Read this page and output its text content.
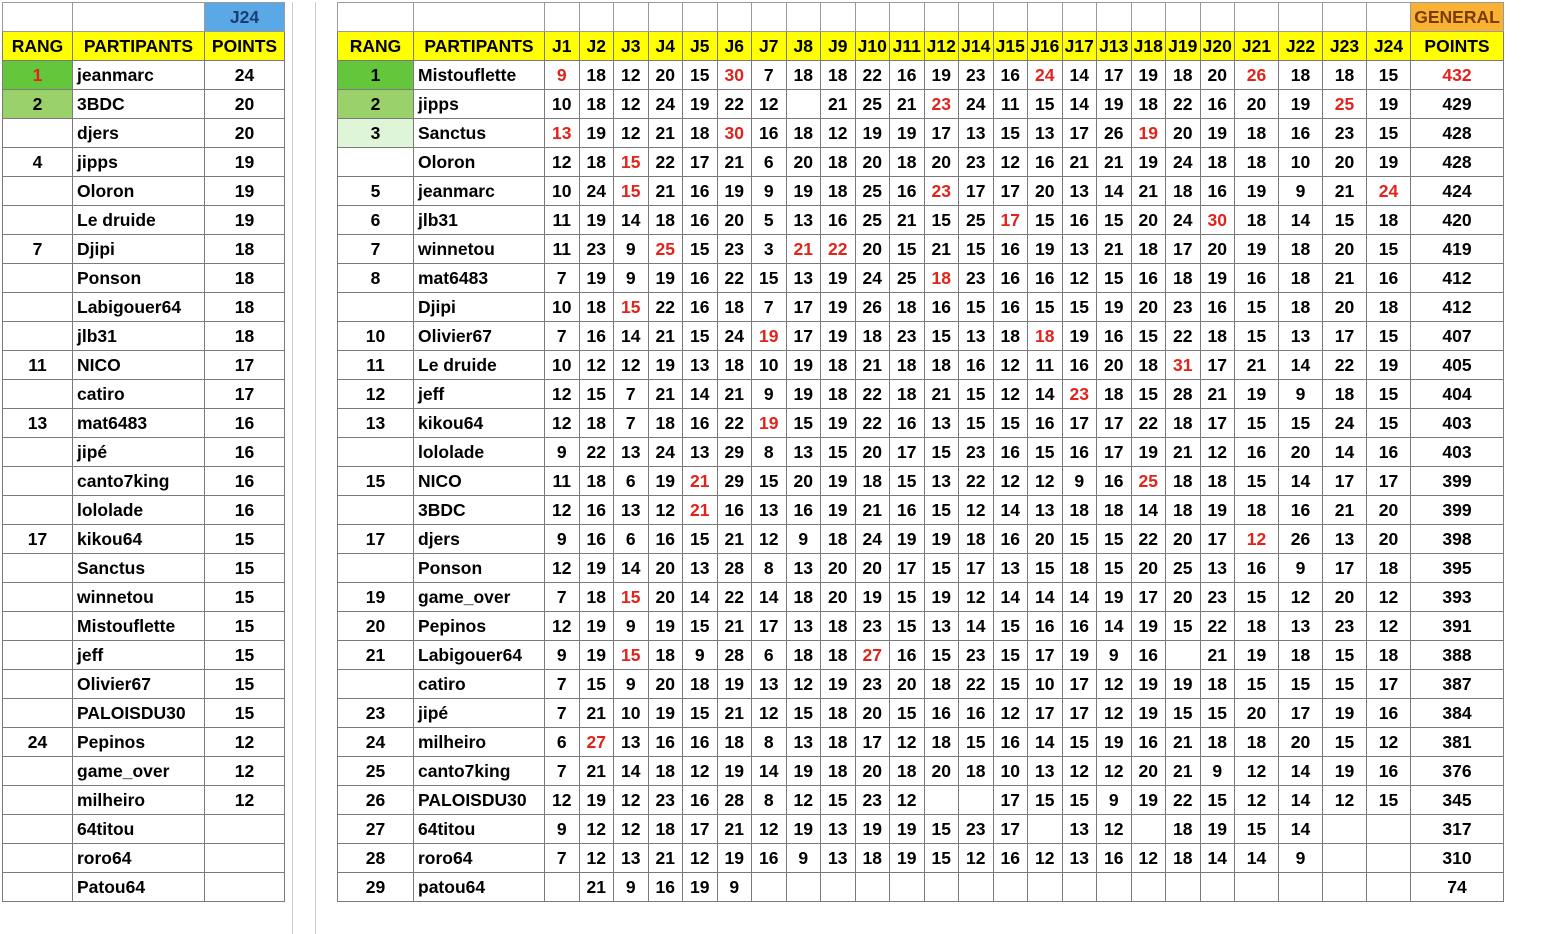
		J24
RANG	PARTIPANTS	POINTS
1	jeanmarc	24
2	3BDC	20
	djers	20
4	jipps	19
	Oloron	19
	Le druide	19
7	Djipi	18
	Ponson	18
	Labigouer64	18
	jlb31	18
11	NICO	17
	catiro	17
13	mat6483	16
	jipé	16
	canto7king	16
	lololade	16
17	kikou64	15
	Sanctus	15
	winnetou	15
	Mistouflette	15
	jeff	15
	Olivier67	15
	PALOISDU30	15
24	Pepinos	12
	game_over	12
	milheiro	12
	64titou	
	roro64	
	Patou64	
																										GENERAL
RANG	PARTIPANTS	J1	J2	J3	J4	J5	J6	J7	J8	J9	J10	J11	J12	J14	J15	J16	J17	J13	J18	J19	J20	J21	J22	J23	J24	POINTS
1	Mistouflette	9	18	12	20	15	30	7	18	18	22	16	19	23	16	24	14	17	19	18	20	26	18	18	15	432
2	jipps	10	18	12	24	19	22	12		21	25	21	23	24	11	15	14	19	18	22	16	20	19	25	19	429
3	Sanctus	13	19	12	21	18	30	16	18	12	19	19	17	13	15	13	17	26	19	20	19	18	16	23	15	428
	Oloron	12	18	15	22	17	21	6	20	18	20	18	20	23	12	16	21	21	19	24	18	18	10	20	19	428
5	jeanmarc	10	24	15	21	16	19	9	19	18	25	16	23	17	17	20	13	14	21	18	16	19	9	21	24	424
6	jlb31	11	19	14	18	16	20	5	13	16	25	21	15	25	17	15	16	15	20	24	30	18	14	15	18	420
7	winnetou	11	23	9	25	15	23	3	21	22	20	15	21	15	16	19	13	21	18	17	20	19	18	20	15	419
8	mat6483	7	19	9	19	16	22	15	13	19	24	25	18	23	16	16	12	15	16	18	19	16	18	21	16	412
	Djipi	10	18	15	22	16	18	7	17	19	26	18	16	15	16	15	15	19	20	23	16	15	18	20	18	412
10	Olivier67	7	16	14	21	15	24	19	17	19	18	23	15	13	18	18	19	16	15	22	18	15	13	17	15	407
11	Le druide	10	12	12	19	13	18	10	19	18	21	18	18	16	12	11	16	20	18	31	17	21	14	22	19	405
12	jeff	12	15	7	21	14	21	9	19	18	22	18	21	15	12	14	23	18	15	28	21	19	9	18	15	404
13	kikou64	12	18	7	18	16	22	19	15	19	22	16	13	15	15	16	17	17	22	18	17	15	15	24	15	403
	lololade	9	22	13	24	13	29	8	13	15	20	17	15	23	16	15	16	17	19	21	12	16	20	14	16	403
15	NICO	11	18	6	19	21	29	15	20	19	18	15	13	22	12	12	9	16	25	18	18	15	14	17	17	399
	3BDC	12	16	13	12	21	16	13	16	19	21	16	15	12	14	13	18	18	14	18	19	18	16	21	20	399
17	djers	9	16	6	16	15	21	12	9	18	24	19	19	18	16	20	15	15	22	20	17	12	26	13	20	398
	Ponson	12	19	14	20	13	28	8	13	20	20	17	15	17	13	15	18	15	20	25	13	16	9	17	18	395
19	game_over	7	18	15	20	14	22	14	18	20	19	15	19	12	14	14	14	19	17	20	23	15	12	20	12	393
20	Pepinos	12	19	9	19	15	21	17	13	18	23	15	13	14	15	16	16	14	19	15	22	18	13	23	12	391
21	Labigouer64	9	19	15	18	9	28	6	18	18	27	16	15	23	15	17	19	9	16		21	19	18	15	18	388
	catiro	7	15	9	20	18	19	13	12	19	23	20	18	22	15	10	17	12	19	19	18	15	15	15	17	387
23	jipé	7	21	10	19	15	21	12	15	18	20	15	16	16	12	17	17	12	19	15	15	20	17	19	16	384
24	milheiro	6	27	13	16	16	18	8	13	18	17	12	18	15	16	14	15	19	16	21	18	18	20	15	12	381
25	canto7king	7	21	14	18	12	19	14	19	18	20	18	20	18	10	13	12	12	20	21	9	12	14	19	16	376
26	PALOISDU30	12	19	12	23	16	28	8	12	15	23	12			17	15	15	9	19	22	15	12	14	12	15	345
27	64titou	9	12	12	18	17	21	12	19	13	19	19	15	23	17		13	12		18	19	15	14			317
28	roro64	7	12	13	21	12	19	16	9	13	18	19	15	12	16	12	13	16	12	18	14	14	9			310
29	patou64		21	9	16	19	9																			74
